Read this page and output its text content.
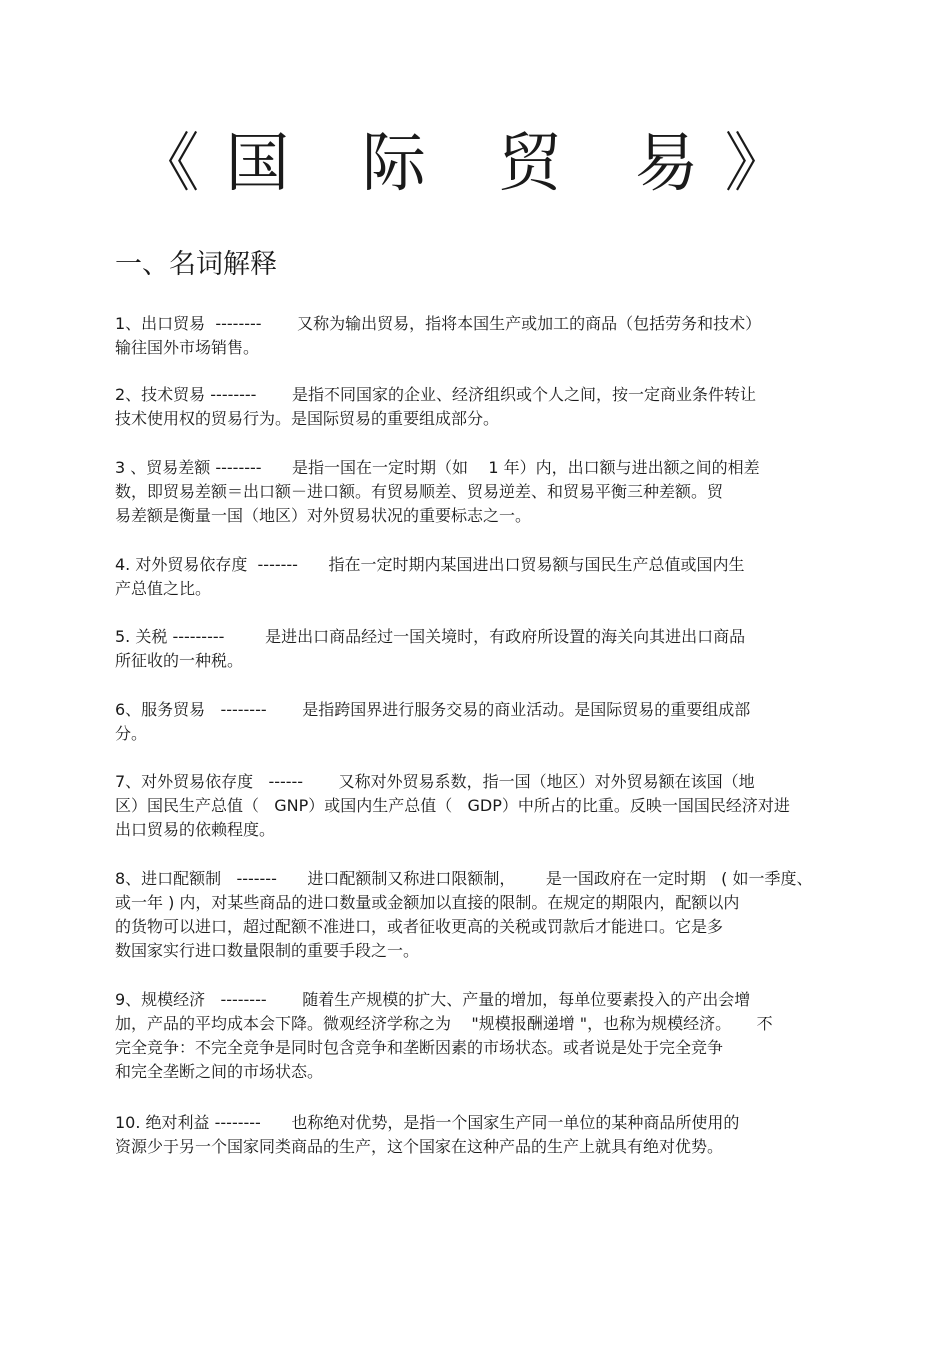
《国 际 贸 易》
一、名词解释
1、出口贸易  --------       又称为输出贸易，指将本国生产或加工的商品（包括劳务和技术）
输往国外市场销售。
2、技术贸易 --------       是指不同国家的企业、经济组织或个人之间，按一定商业条件转让
技术使用权的贸易行为。是国际贸易的重要组成部分。
3 、贸易差额 --------      是指一国在一定时期（如    1 年）内，出口额与进出额之间的相差
数，即贸易差额＝出口额－进口额。有贸易顺差、贸易逆差、和贸易平衡三种差额。贸
易差额是衡量一国（地区）对外贸易状况的重要标志之一。
4. 对外贸易依存度  -------      指在一定时期内某国进出口贸易额与国民生产总值或国内生
产总值之比。
5. 关税 ---------        是进出口商品经过一国关境时，有政府所设置的海关向其进出口商品
所征收的一种税。
6、服务贸易   --------       是指跨国界进行服务交易的商业活动。是国际贸易的重要组成部
分。
7、对外贸易依存度   ------       又称对外贸易系数，指一国（地区）对外贸易额在该国（地
区）国民生产总值（   GNP）或国内生产总值（   GDP）中所占的比重。反映一国国民经济对进
出口贸易的依赖程度。
8、进口配额制   -------      进口配额制又称进口限额制，      是一国政府在一定时期   ( 如一季度、
或一年 ) 内，对某些商品的进口数量或金额加以直接的限制。在规定的期限内，配额以内
的货物可以进口，超过配额不准进口，或者征收更高的关税或罚款后才能进口。它是多
数国家实行进口数量限制的重要手段之一。
9、规模经济   --------       随着生产规模的扩大、产量的增加，每单位要素投入的产出会增
加，产品的平均成本会下降。微观经济学称之为    "规模报酬递增 "，也称为规模经济。     不
完全竞争：不完全竞争是同时包含竞争和垄断因素的市场状态。或者说是处于完全竞争
和完全垄断之间的市场状态。
10. 绝对利益 --------      也称绝对优势，是指一个国家生产同一单位的某种商品所使用的
资源少于另一个国家同类商品的生产，这个国家在这种产品的生产上就具有绝对优势。
